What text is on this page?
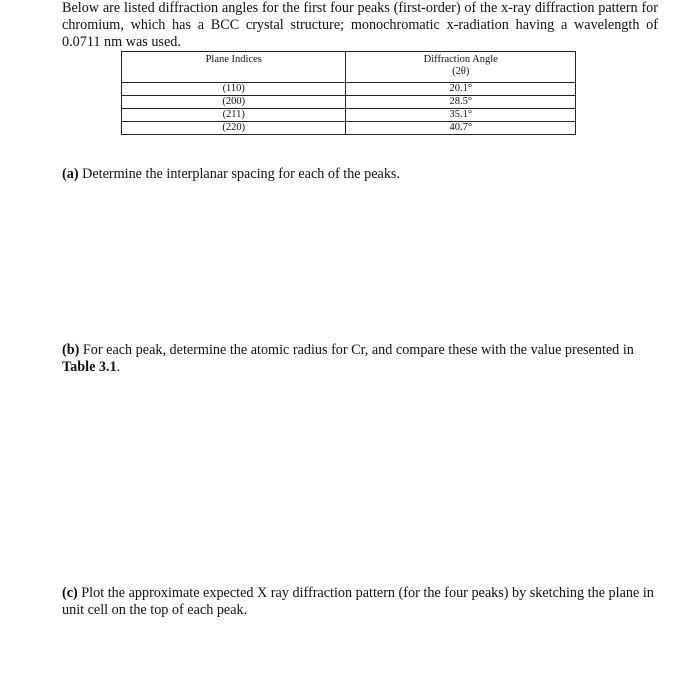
Below are listed diffraction angles for the first four peaks (first-order) of the x-ray diffraction pattern for chromium, which has a BCC crystal structure; monochromatic x-radiation having a wavelength of 0.0711 nm was used.

Plane Indices	Diffraction Angle
(2θ)

(110)	20.1°
(200)	28.5°
(211)	35.1°
(220)	40.7°

(a) Determine the interplanar spacing for each of the peaks.

(b) For each peak, determine the atomic radius for Cr, and compare these with the value presented in Table 3.1.

(c) Plot the approximate expected X ray diffraction pattern (for the four peaks) by sketching the plane in unit cell on the top of each peak.
